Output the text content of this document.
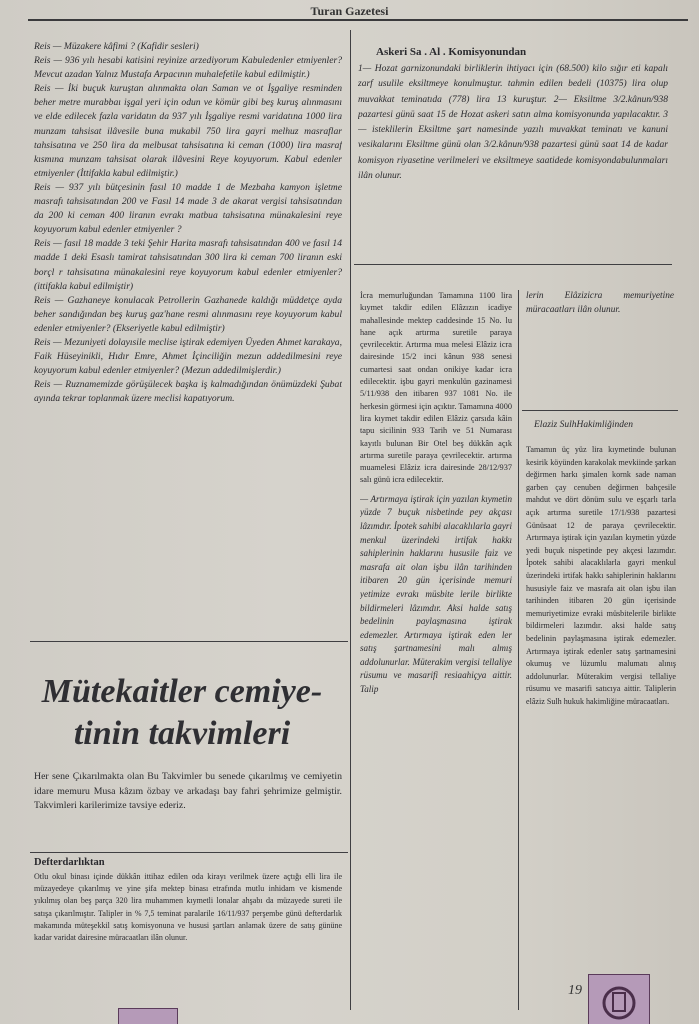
Turan Gazetesi

Reis — Müzakere kâfimi ? (Kafidir sesleri)

Reis — 936 yılı hesabi katisini reyinize arzediyorum Kabuledenler etmiyenler? Mevcut azadan Yalnız Mustafa Arpacının muhalefetile kabul edilmiştir.)

Reis — İki buçuk kuruştan alınmakta olan Saman ve ot İşgaliye resminden beher metre murabbaı işgal yeri için odun ve kömür gibi beş kuruş alınmasını ve elde edilecek fazla varidatın da 937 yılı İşgaliye resmi varidatına 1000 lira munzam tahsisat ilâvesile buna mukabil 750 lira gayri melhuz masraflar tahsisatına ve 250 lira da melbusat tahsisatına ki ceman (1000) lira masraf kısmına munzam tahsisat olarak ilâvesini Reye koyuyorum. Kabul edenler etmiyenler (İttifakla kabul edilmiştir.)

Reis — 937 yılı bütçesinin fasıl 10 madde 1 de Mezbaha kamyon işletme masrafı tahsisatından 200 ve Fasıl 14 made 3 de akarat vergisi tahsisatından da 200 ki ceman 400 liranın evrakı matbua tahsisatına münakalesini reye koyuyorum kabul edenler etmiyenler ?

Reis — fasıl 18 madde 3 teki Şehir Harita masrafı tahsisatından 400 ve fasıl 14 madde 1 deki Esaslı tamirat tahsisatından 300 lira ki ceman 700 liranın eski borçl r tahsisatına münakalesini reye koyuyorum kabul edenler etmiyenler? (ittifakla kabul edilmiştir)

Reis — Gazhaneye konulacak Petrollerin Gazhanede kaldığı müddetçe ayda beher sandığından beş kuruş gaz'hane resmi alınmasını reye koyuyorum kabul edenler etmiyenler? (Ekseriyetle kabul edilmiştir)

Reis — Mezuniyeti dolayısile meclise iştirak edemiyen Üyeden Ahmet karakaya, Faik Hüseyinikli, Hıdır Emre, Ahmet İçinciliğin mezun addedilmesini reye koyuyorum kabul edenler etmiyenler? (Mezun addedilmişlerdir.)

Reis — Ruznamemizde görüşülecek başka iş kalmadığından önümüzdeki Şubat ayında tekrar toplanmak üzere meclisi kapatıyorum.

Mütekaitler cemiye-
tinin takvimleri

Her sene Çıkarılmakta olan Bu Takvimler bu senede çıkarılmış ve cemiyetin idare memuru Musa kâzım özbay ve arkadaşı bay fahri şehrimize gelmiştir. Takvimleri karilerimize tavsiye ederiz.

Defterdarlıktan

Otlu okul binası içinde dükkân ittihaz edilen oda kirayı verilmek üzere açtığı elli lira ile müzayedeye çıkarılmış ve yine şifa mektep binası etrafında mutlu inhidam ve kismende yıkılmış olan beş parça 320 lira muhammen kıymetli lonalar ahşabı da müzayede sureti ile satışa çıkarılmıştır. Talipler in % 7,5 teminat paralarile 16/11/937 perşembe günü defterdarlık makamında müteşekkil satış komisyonuna ve hususi şartları anlamak üzere de satış gününe kadar varidat dairesine müracaatları ilân olunur.

Askeri Sa . Al . Komisyonundan

1— Hozat garnizonundaki birliklerin ihtiyacı için (68.500) kilo sığır eti kapalı zarf usulile eksiltmeye konulmuştur. tahmin edilen bedeli (10375) lira olup muvakkat teminatıda (778) lira 13 kuruştur. 2— Eksiltme 3/2.kânun/938 pazartesi günü saat 15 de Hozat askeri satın alma komisyonunda yapılacaktır. 3— isteklilerin Eksiltme şart namesinde yazılı muvakkat teminatı ve kanuni vesikalarını Eksiltme günü olan 3/2.kânun/938 pazartesi günü saat 14 de kadar komisyon riyasetine verilmeleri ve eksiltmeye saatidede komisyondabulunmaları ilân olunur.

İcra memurluğundan Tamamına 1100 lira kıymet takdir edilen Elâzızın icadiye mahallesinde mektep caddesinde 15 No. lu hane açık artırma suretile paraya çevrilecektir. Artırma mua melesi Elâziz icra dairesinde 15/2 inci kânun 938 senesi cumartesi saat ondan onikiye kadar icra edilecektir. işbu gayri menkulün gazinamesi 5/11/938 den itibaren 937 1081 No. ile herkesin görmesi için açıktır. Tamamına 4000 lira kıymet takdir edilen Elâziz çarsıda kâin tapu sicilinin 933 Tarih ve 51 Numarası kayıtlı bulunan Bir Otel beş dükkân açık artırma suretile paraya çevrilecektir. artırma muamelesi Elâziz icra dairesinde 28/12/937 salı günü icra edilecektir.

— Artırmaya iştirak için yazılan kıymetin yüzde 7 buçuk nisbetinde pey akçası lâzımdır. İpotek sahibi alacaklılarla gayri menkul üzerindeki irtifak hakkı sahiplerinin haklarını hususile faiz ve masrafa ait olan işbu ilân tarihinden itibaren 20 gün içerisinde memuri yetimize evrakı müsbite lerile birlikte bildirmeleri lâzımdır. Aksi halde satış bedelinin paylaşmasına iştirak edemezler. Artırmaya iştirak eden ler satış şartnamesini malı almış addolunurlar. Müterakim vergisi tellaliye rüsumu ve masarifi resiaahiçya aittir. Talip

lerin Elâzizicra memuriyetine müracaatları ilân olunur.

Elaziz SulhHakimliğinden

Tamamın üç yüz lira kıymetinde bulunan kesirik köyünden karakolak mevkiinde şarkan değirmen harkı şimalen kornk sade naman garben çay cenuben değirmen bahçesile mahdut ve dört dönüm sulu ve eşçarlı tarla açık artırma suretile 17/1/938 pazartesi Günüsaat 12 de paraya çevrilecektir. Artırmaya iştirak için yazılan kıymetin yüzde yedi buçuk nispetinde pey akçesi lazımdır. İpotek sahibi alacaklılarla gayri menkul üzerindeki irtifak hakkı sahiplerinin haklarını hususiyle faiz ve masrafa ait olan işbu ilan tarihinden itibaren 20 gün içerisinde memuriyetimize evraki müsbitelerile birlikte bildirmeleri lazımdır. aksi halde satış bedelinin paylaşmasına iştirak edemezler. Artırmaya iştirak edenler satış şartnamesini okumuş ve lüzumlu malumatı alınış addolunurlar. Müterakim vergisi tellaliye rüsumu ve masarifi satıcıya aittir. Taliplerin elâziz Sulh hukuk hakimliğine müracaatları.

19
